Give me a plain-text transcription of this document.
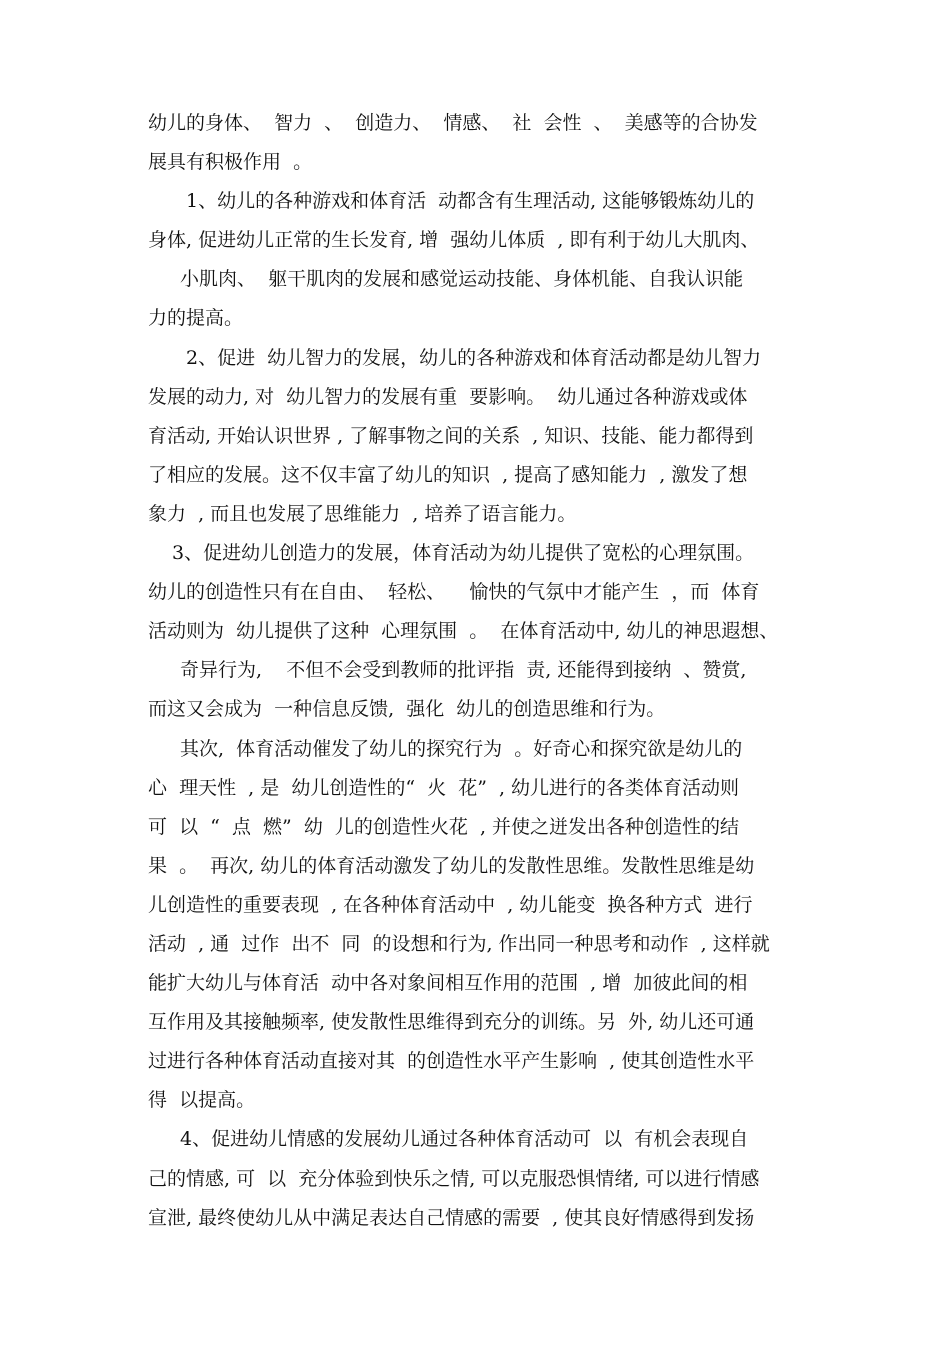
幼儿的身体、  智力  、  创造力、  情感、  社  会性  、  美感等的合协发
展具有积极作用  。
1、幼儿的各种游戏和体育活  动都含有生理活动, 这能够锻炼幼儿的
身体, 促进幼儿正常的生长发育, 增  强幼儿体质  , 即有利于幼儿大肌肉、
小肌肉、  躯干肌肉的发展和感觉运动技能、身体机能、自我认识能
力的提高。
2、促进  幼儿智力的发展，幼儿的各种游戏和体育活动都是幼儿智力
发展的动力, 对  幼儿智力的发展有重  要影响。  幼儿通过各种游戏或体
育活动, 开始认识世界 , 了解事物之间的关系  , 知识、技能、能力都得到
了相应的发展。这不仅丰富了幼儿的知识  , 提高了感知能力  , 激发了想
象力  , 而且也发展了思维能力  , 培养了语言能力。
3、促进幼儿创造力的发展，体育活动为幼儿提供了宽松的心理氛围。
幼儿的创造性只有在自由、  轻松、    愉快的气氛中才能产生  ，而  体育
活动则为  幼儿提供了这种  心理氛围  。  在体育活动中, 幼儿的神思遐想、
奇异行为,    不但不会受到教师的批评指  责, 还能得到接纳  、赞赏,
而这又会成为  一种信息反馈,  强化  幼儿的创造思维和行为。
其次,  体育活动催发了幼儿的探究行为  。好奇心和探究欲是幼儿的
心  理天性  , 是  幼儿创造性的“  火  花”  , 幼儿进行的各类体育活动则
可  以  “  点  燃”  幼  儿的创造性火花  , 并使之迸发出各种创造性的结
果  。  再次, 幼儿的体育活动激发了幼儿的发散性思维。发散性思维是幼
儿创造性的重要表现  , 在各种体育活动中  , 幼儿能变  换各种方式  进行
活动  , 通  过作  出不  同  的设想和行为, 作出同一种思考和动作  , 这样就
能扩大幼儿与体育活  动中各对象间相互作用的范围  , 增  加彼此间的相
互作用及其接触频率, 使发散性思维得到充分的训练。另  外, 幼儿还可通
过进行各种体育活动直接对其  的创造性水平产生影响  , 使其创造性水平
得  以提高。
4、促进幼儿情感的发展幼儿通过各种体育活动可  以  有机会表现自
己的情感, 可  以  充分体验到快乐之情, 可以克服恐惧情绪, 可以进行情感
宣泄, 最终使幼儿从中满足表达自己情感的需要  , 使其良好情感得到发扬
